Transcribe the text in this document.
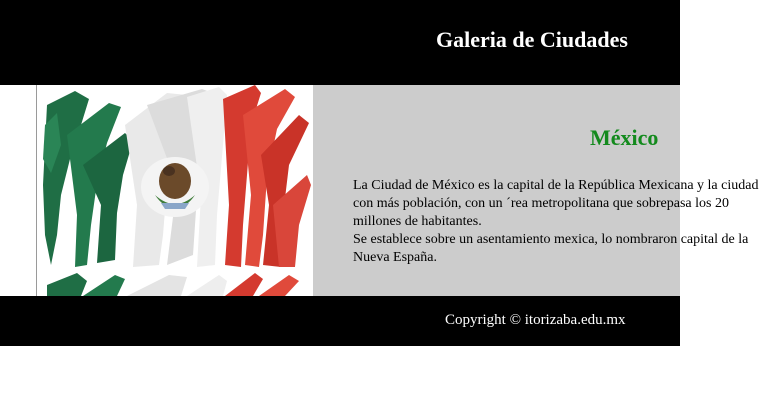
Galeria de Ciudades
México

La Ciudad de México es la capital de la República Mexicana y la ciudad con más población, con un ´rea metropolitana que sobrepasa los 20 millones de habitantes.

Se establece sobre un asentamiento mexica, lo nombraron capital de la Nueva España.

Copyright © itorizaba.edu.mx
